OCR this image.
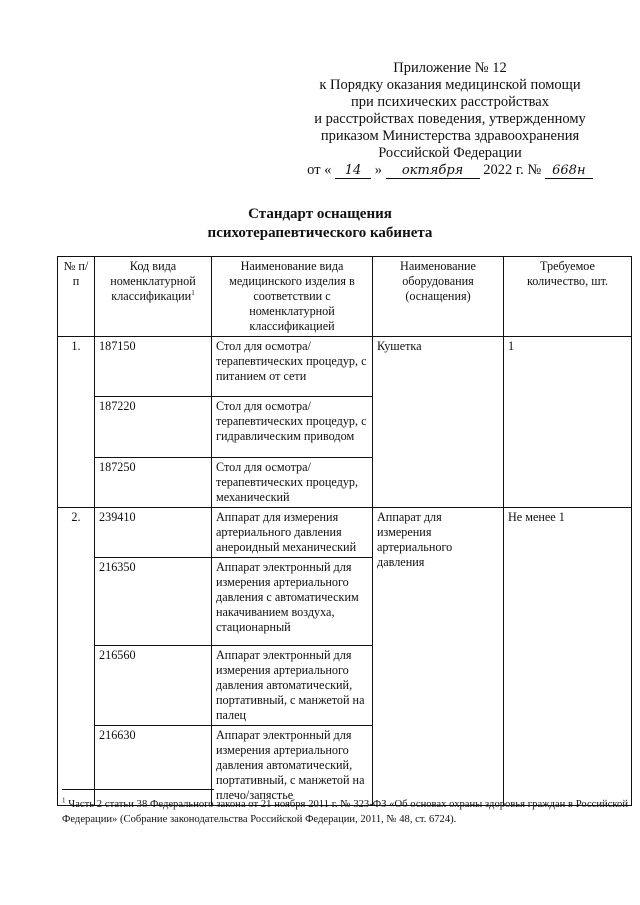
Приложение № 12
к Порядку оказания медицинской помощи
при психических расстройствах
и расстройствах поведения, утвержденному
приказом Министерства здравоохранения
Российской Федерации
от « 14 » октября 2022 г. № 668н
Стандарт оснащения
психотерапевтического кабинета
№ п/п	Код вида номенклатурной классификации$^1$	Наименование вида медицинского изделия в соответствии с номенклатурной классификацией	Наименование оборудования (оснащения)	Требуемое количество, шт.
1.	187150	Стол для осмотра/терапевтических процедур, с питанием от сети	Кушетка	1
	187220	Стол для осмотра/терапевтических процедур, с гидравлическим приводом		
	187250	Стол для осмотра/терапевтических процедур, механический		
2.	239410	Аппарат для измерения артериального давления анероидный механический	Аппарат для измерения артериального давления	Не менее 1
	216350	Аппарат электронный для измерения артериального давления с автоматическим накачиванием воздуха, стационарный		
	216560	Аппарат электронный для измерения артериального давления автоматический, портативный, с манжетой на палец		
	216630	Аппарат электронный для измерения артериального давления автоматический, портативный, с манжетой на плечо/запястье		
$^1$ Часть 2 статьи 38 Федерального закона от 21 ноября 2011 г. № 323-ФЗ «Об основах охраны здоровья граждан в Российской Федерации» (Собрание законодательства Российской Федерации, 2011, № 48, ст. 6724).
